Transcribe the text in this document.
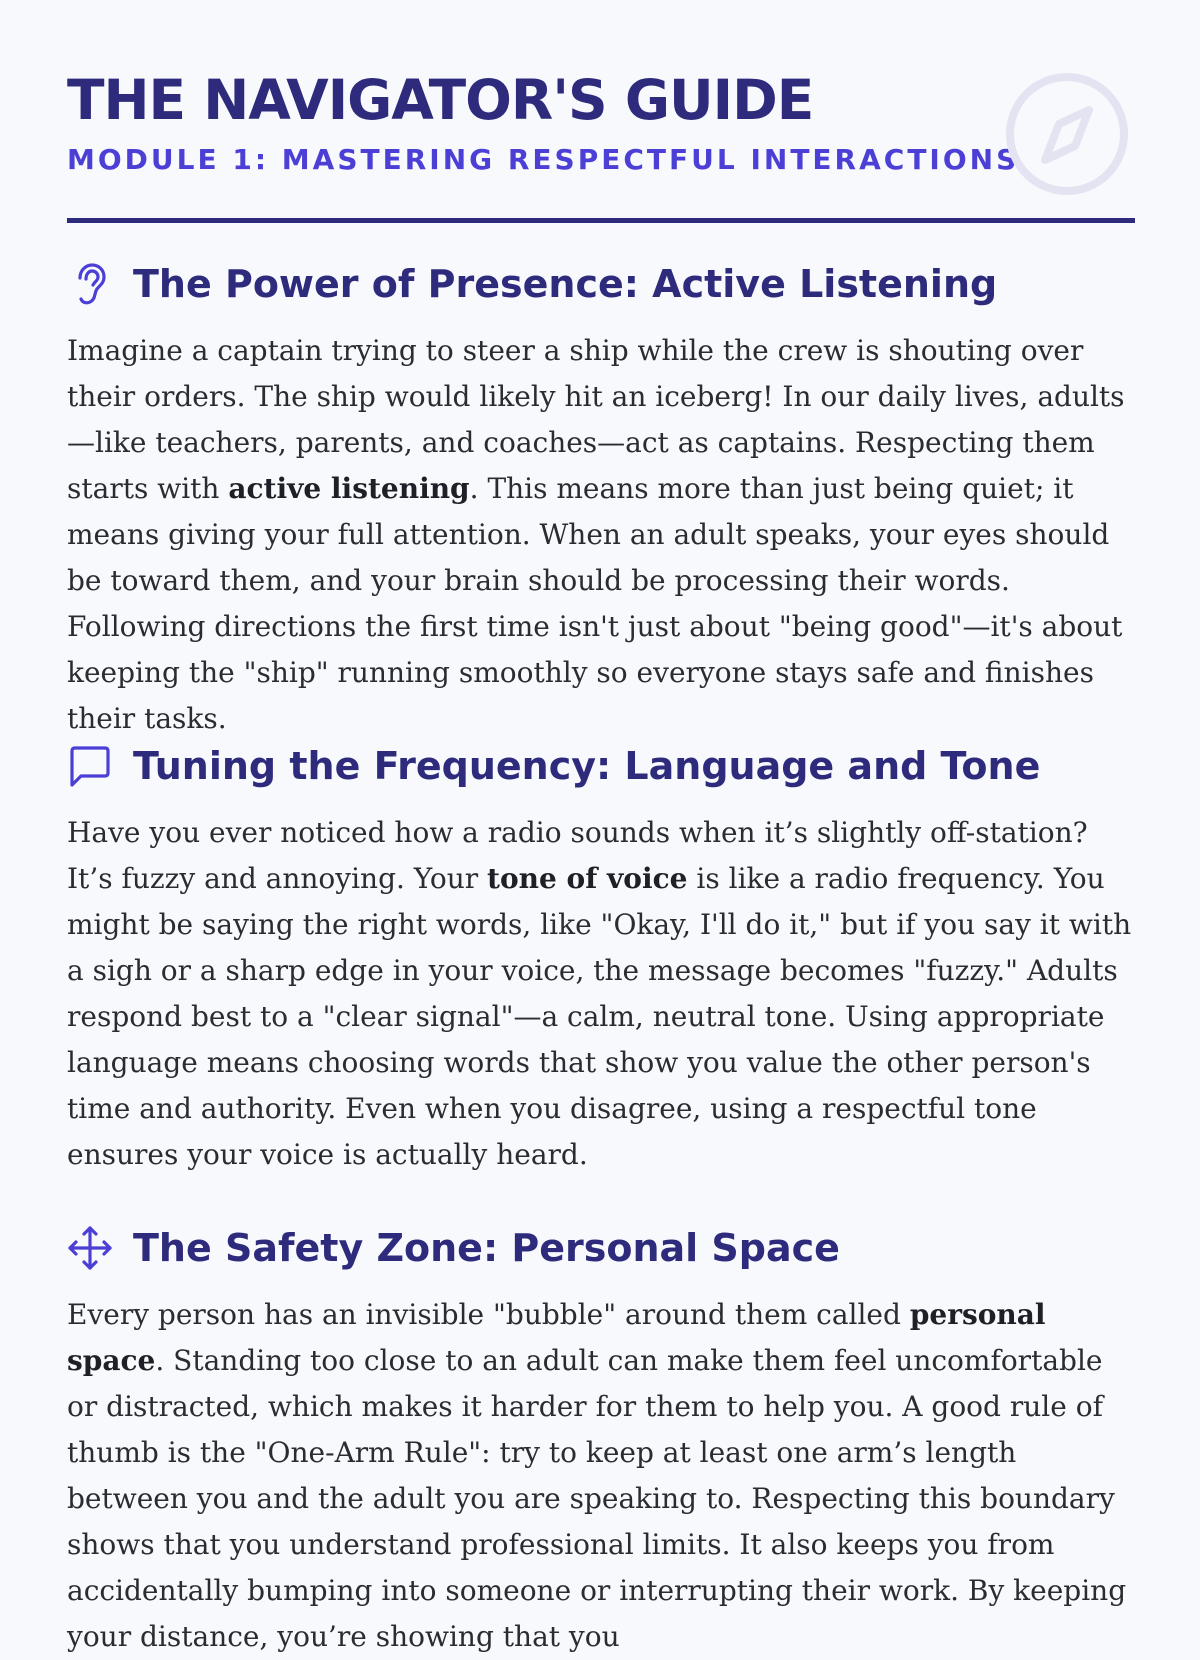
THE NAVIGATOR'S GUIDE
MODULE 1: MASTERING RESPECTFUL INTERACTIONS
The Power of Presence: Active Listening

Imagine a captain trying to steer a ship while the crew is shouting over their orders. The ship would likely hit an iceberg! In our daily lives, adults—like teachers, parents, and coaches—act as captains. Respecting them starts with active listening. This means more than just being quiet; it means giving your full attention. When an adult speaks, your eyes should be toward them, and your brain should be processing their words. Following directions the first time isn't just about "being good"—it's about keeping the "ship" running smoothly so everyone stays safe and finishes their tasks.

Tuning the Frequency: Language and Tone

Have you ever noticed how a radio sounds when it’s slightly off-station? It’s fuzzy and annoying. Your tone of voice is like a radio frequency. You might be saying the right words, like "Okay, I'll do it," but if you say it with a sigh or a sharp edge in your voice, the message becomes "fuzzy." Adults respond best to a "clear signal"—a calm, neutral tone. Using appropriate language means choosing words that show you value the other person's time and authority. Even when you disagree, using a respectful tone ensures your voice is actually heard.

The Safety Zone: Personal Space

Every person has an invisible "bubble" around them called personal space. Standing too close to an adult can make them feel uncomfortable or distracted, which makes it harder for them to help you. A good rule of thumb is the "One-Arm Rule": try to keep at least one arm’s length between you and the adult you are speaking to. Respecting this boundary shows that you understand professional limits. It also keeps you from accidentally bumping into someone or interrupting their work. By keeping your distance, you’re showing that you
